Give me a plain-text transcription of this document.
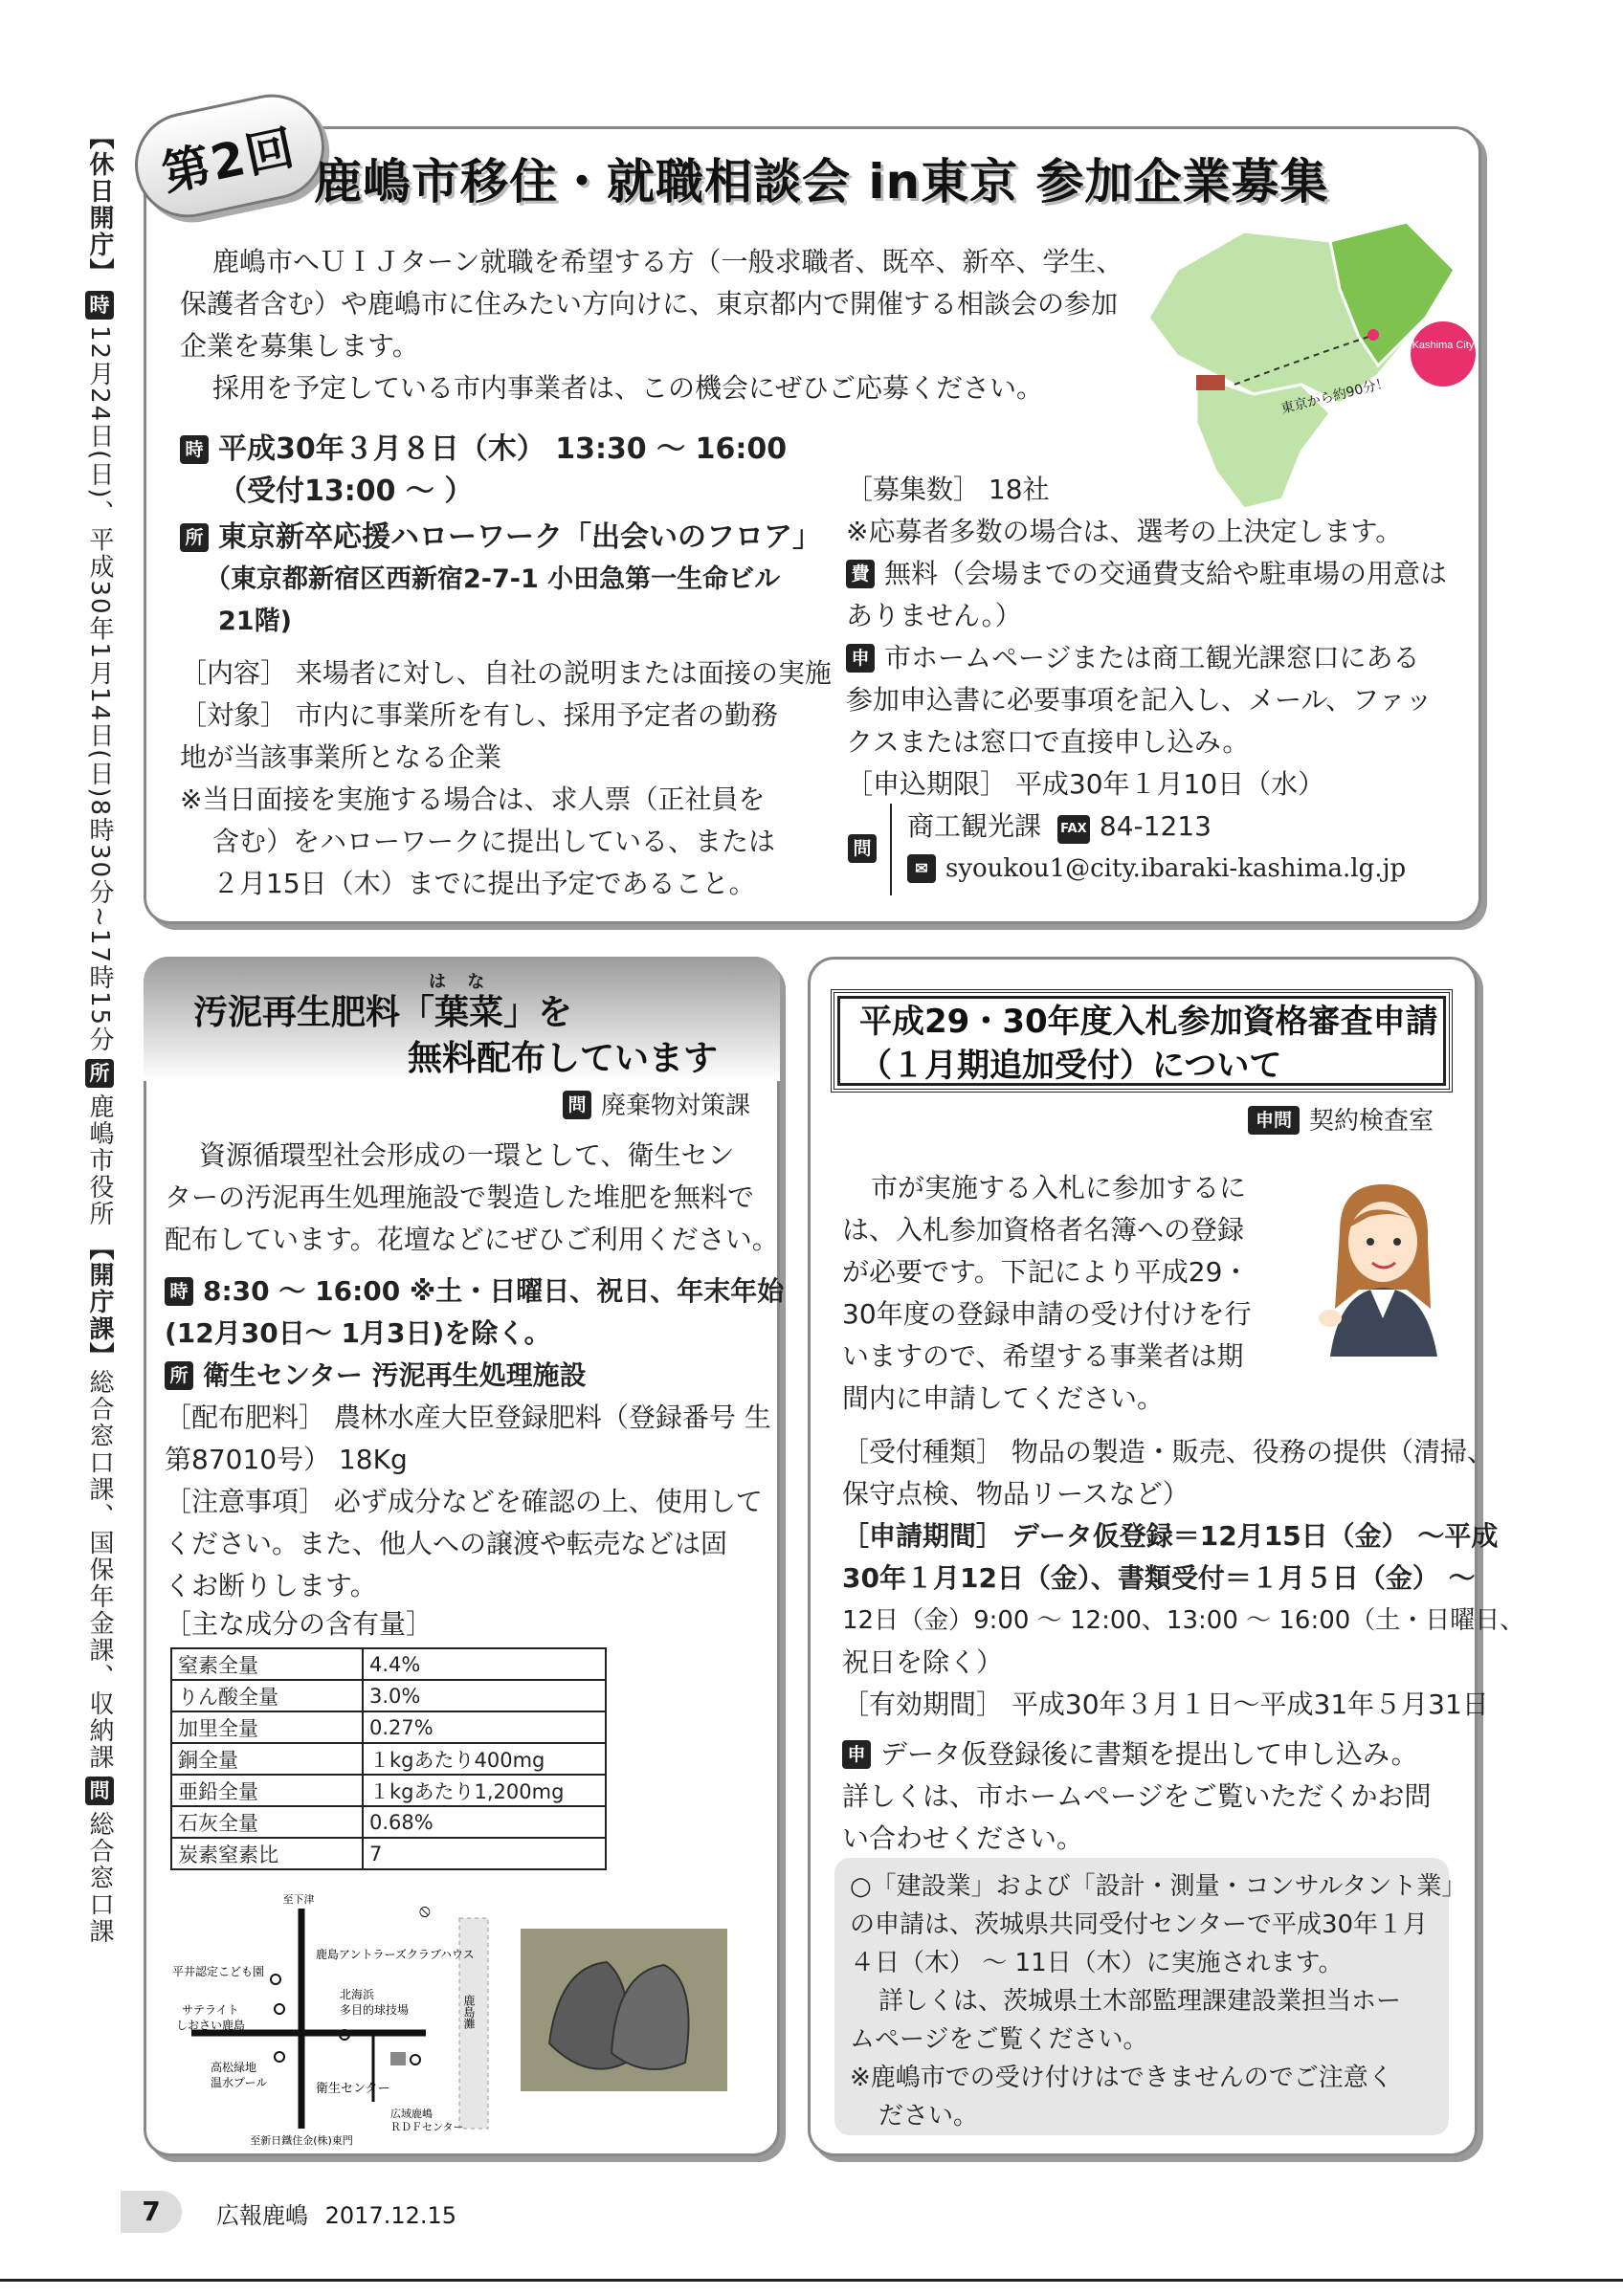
【休日開庁】
時
12月24日(日)、平成30年1月14日(日)8時30分~17時15分
所
鹿嶋市役所
【開庁課】
総合窓口課、国保年金課、収納課
問
総合窓口課
第2回 鹿嶋市移住・就職相談会 in東京 参加企業募集
鹿嶋市へＵＩＪターン就職を希望する方（一般求職者、既卒、新卒、学生、
保護者含む）や鹿嶋市に住みたい方向けに、東京都内で開催する相談会の参加
企業を募集します。
採用を予定している市内事業者は、この機会にぜひご応募ください。
Kashima City
東京から約90分！
時 平成30年３月８日（木） 13:30 ～ 16:00
（受付13:00 ～ ）
所 東京新卒応援ハローワーク「出会いのフロア」
（東京都新宿区西新宿2-7-1 小田急第一生命ビル
21階)
［内容］ 来場者に対し、自社の説明または面接の実施
［対象］ 市内に事業所を有し、採用予定者の勤務
地が当該事業所となる企業
※当日面接を実施する場合は、求人票（正社員を
含む）をハローワークに提出している、または
２月15日（木）までに提出予定であること。
［募集数］ 18社
※応募者多数の場合は、選考の上決定します。
費 無料（会場までの交通費支給や駐車場の用意は
ありません。）
申 市ホームページまたは商工観光課窓口にある
参加申込書に必要事項を記入し、メール、ファッ
クスまたは窓口で直接申し込み。
［申込期限］ 平成30年１月10日（水）
問
商工観光課 FAX 84-1213
✉ syoukou1@city.ibaraki-kashima.lg.jp
は な
汚泥再生肥料「葉菜」を
無料配布しています
問 廃棄物対策課
資源循環型社会形成の一環として、衛生セン
ターの汚泥再生処理施設で製造した堆肥を無料で
配布しています。花壇などにぜひご利用ください。
時 8:30 ～ 16:00 ※土・日曜日、祝日、年末年始
(12月30日～ 1月3日)を除く。
所 衛生センター 汚泥再生処理施設
［配布肥料］ 農林水産大臣登録肥料（登録番号 生
第87010号） 18Kg
［注意事項］ 必ず成分などを確認の上、使用して
ください。また、他人への譲渡や転売などは固
くお断りします。
［主な成分の含有量］
窒素全量	4.4%
りん酸全量	3.0%
加里全量	0.27%
銅全量	１kgあたり400mg
亜鉛全量	１kgあたり1,200mg
石灰全量	0.68%
炭素窒素比	7
⦸
至下津
至新日鐵住金(株)東門
平井認定こども園
鹿島アントラーズクラブハウス
サテライト
しおさい鹿島
北海浜
多目的球技場
高松緑地
温水プール	衛生センター
広域鹿嶋
ＲＤＦセンター
鹿島灘
平成29・30年度入札参加資格審査申請
（１月期追加受付）について
申問 契約検査室
市が実施する入札に参加するに
は、入札参加資格者名簿への登録
が必要です。下記により平成29・
30年度の登録申請の受け付けを行
いますので、希望する事業者は期
間内に申請してください。
［受付種類］ 物品の製造・販売、役務の提供（清掃、
保守点検、物品リースなど）
［申請期間］ データ仮登録＝12月15日（金） ～平成
30年１月12日（金）、書類受付＝１月５日（金） ～
12日（金）9:00 ～ 12:00、13:00 ～ 16:00（土・日曜日、
祝日を除く）
［有効期間］ 平成30年３月１日～平成31年５月31日
申 データ仮登録後に書類を提出して申し込み。
詳しくは、市ホームページをご覧いただくかお問
い合わせください。
○「建設業」および「設計・測量・コンサルタント業」
の申請は、茨城県共同受付センターで平成30年１月
４日（木） ～ 11日（木）に実施されます。
詳しくは、茨城県土木部監理課建設業担当ホー
ムページをご覧ください。
※鹿嶋市での受け付けはできませんのでご注意く
ださい。
7	広報鹿嶋 2017.12.15
